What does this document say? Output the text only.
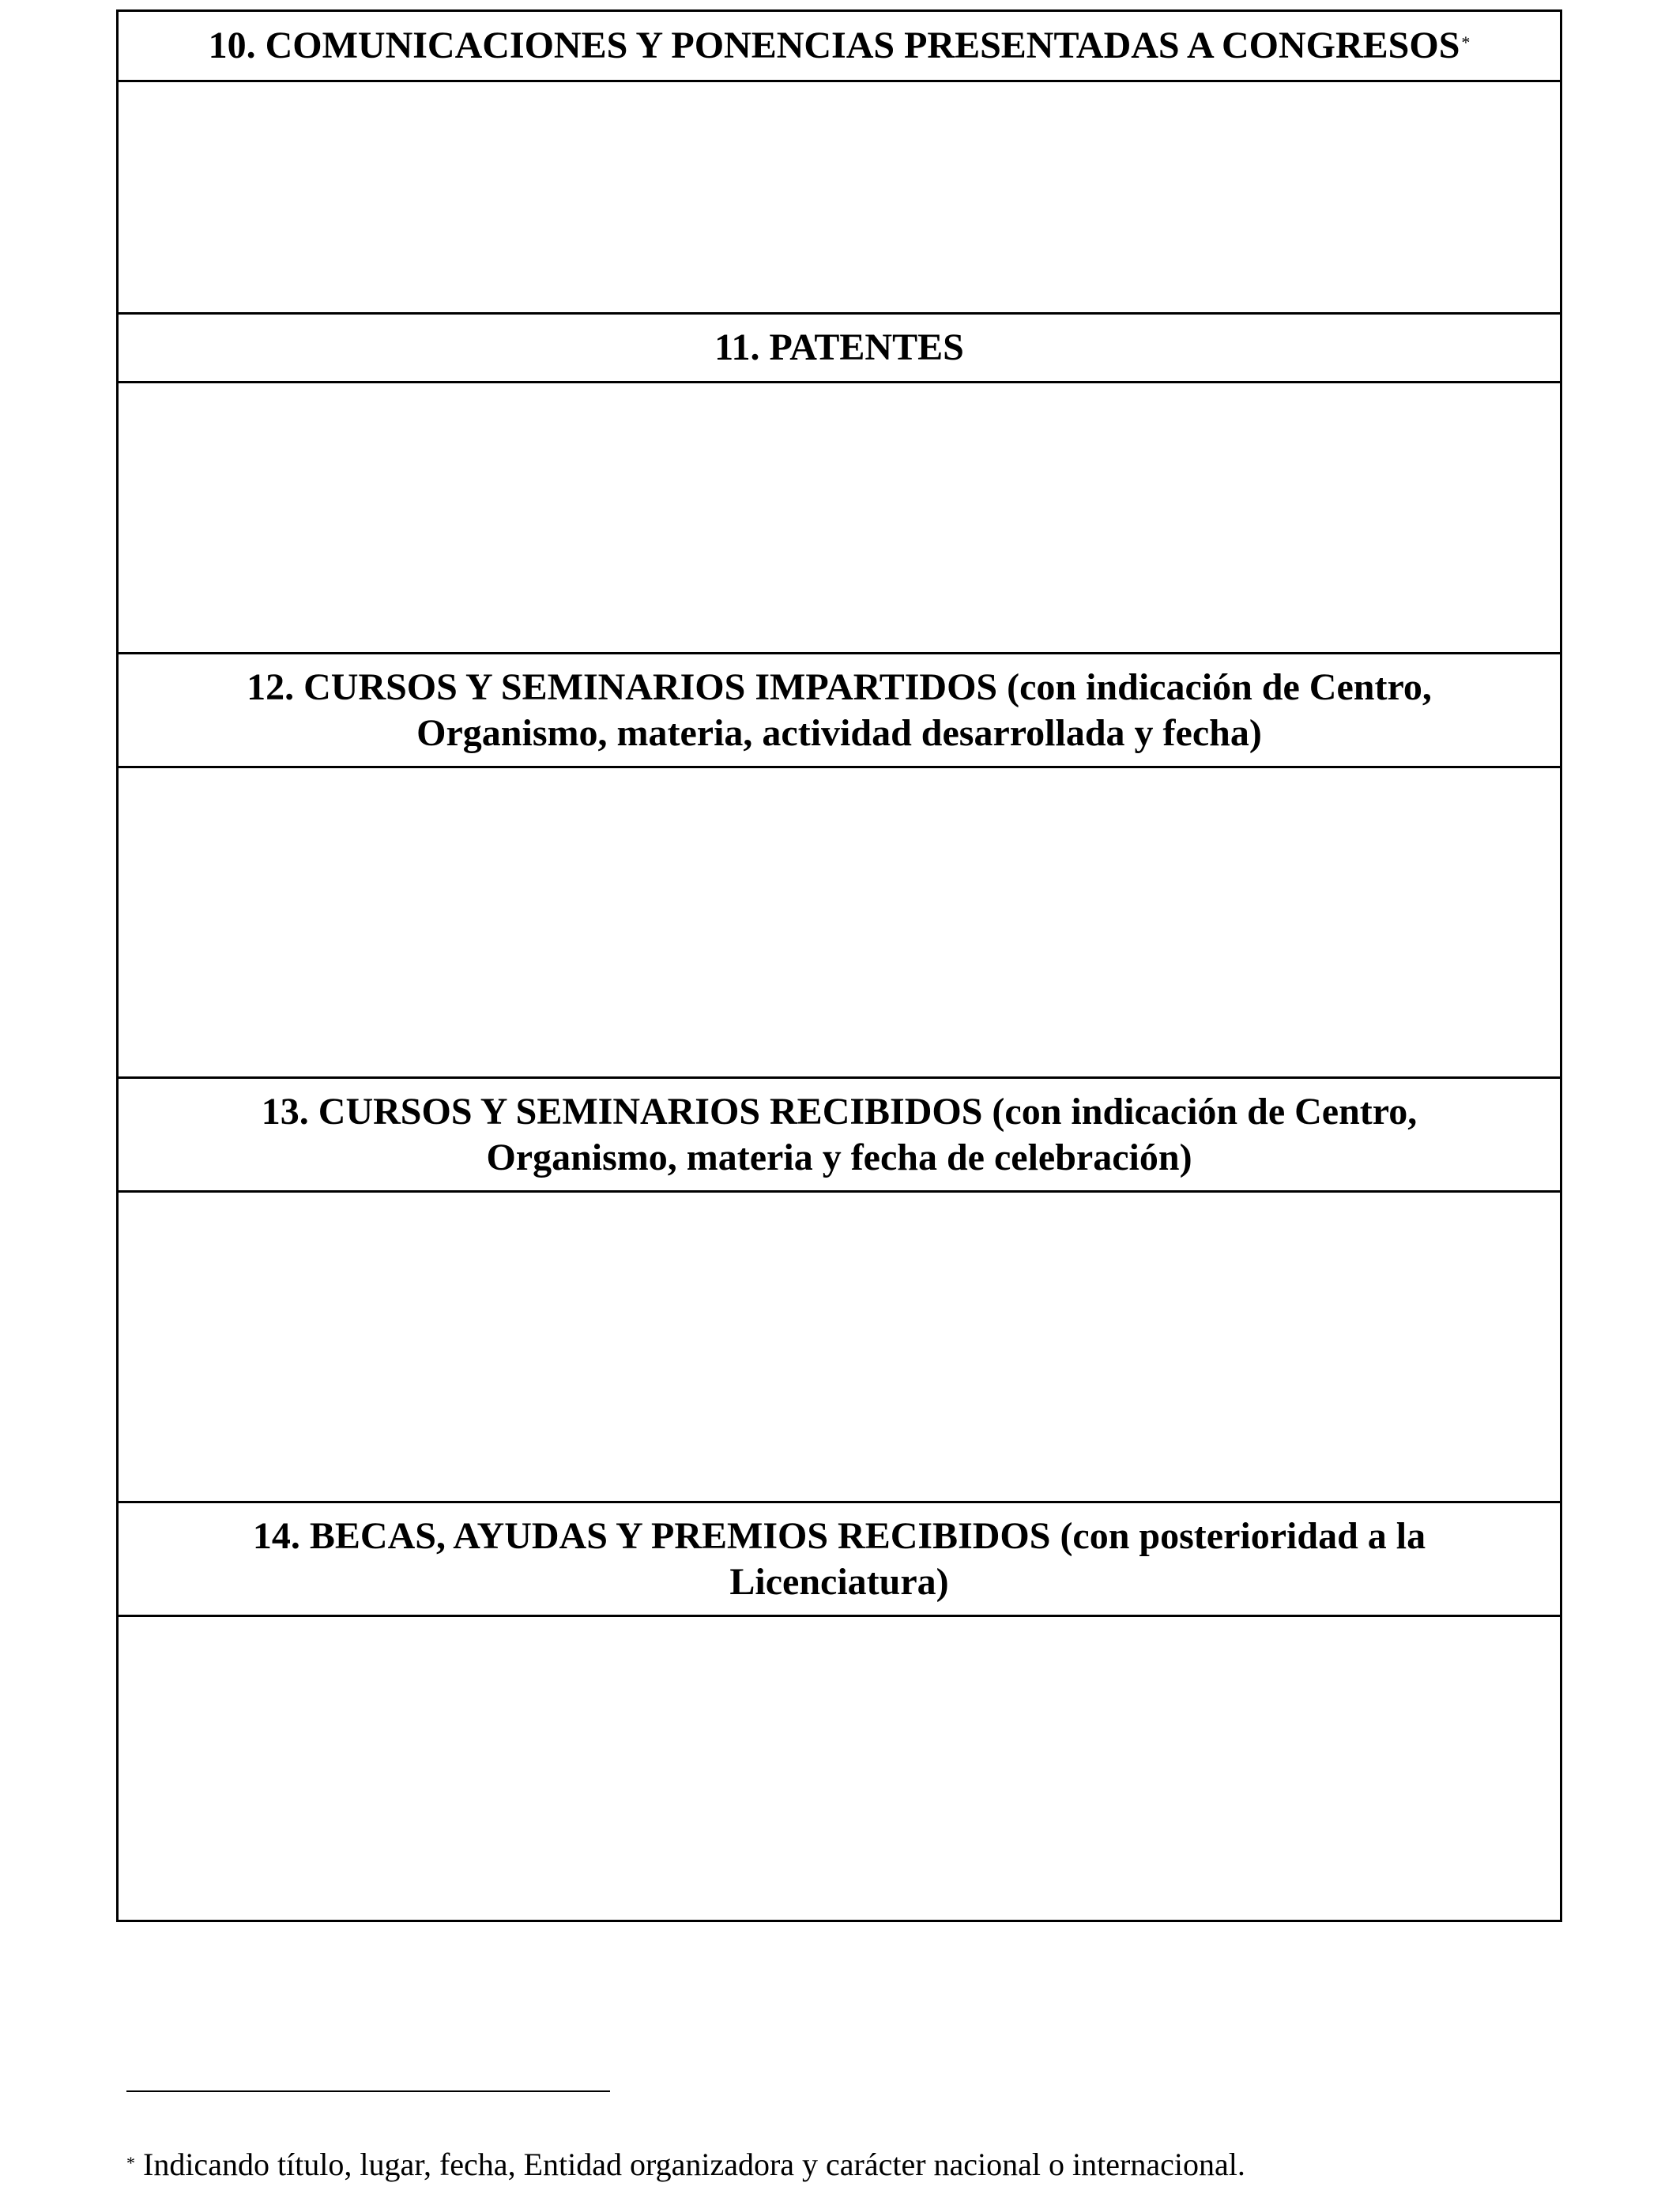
10. COMUNICACIONES Y PONENCIAS PRESENTADAS A CONGRESOS*
11. PATENTES
12. CURSOS Y SEMINARIOS IMPARTIDOS (con indicación de Centro, Organismo, materia, actividad desarrollada y fecha)
13. CURSOS Y SEMINARIOS RECIBIDOS (con indicación de Centro, Organismo, materia y fecha de celebración)
14. BECAS, AYUDAS Y PREMIOS RECIBIDOS (con posterioridad a la Licenciatura)
* Indicando título, lugar, fecha, Entidad organizadora y carácter nacional o internacional.
